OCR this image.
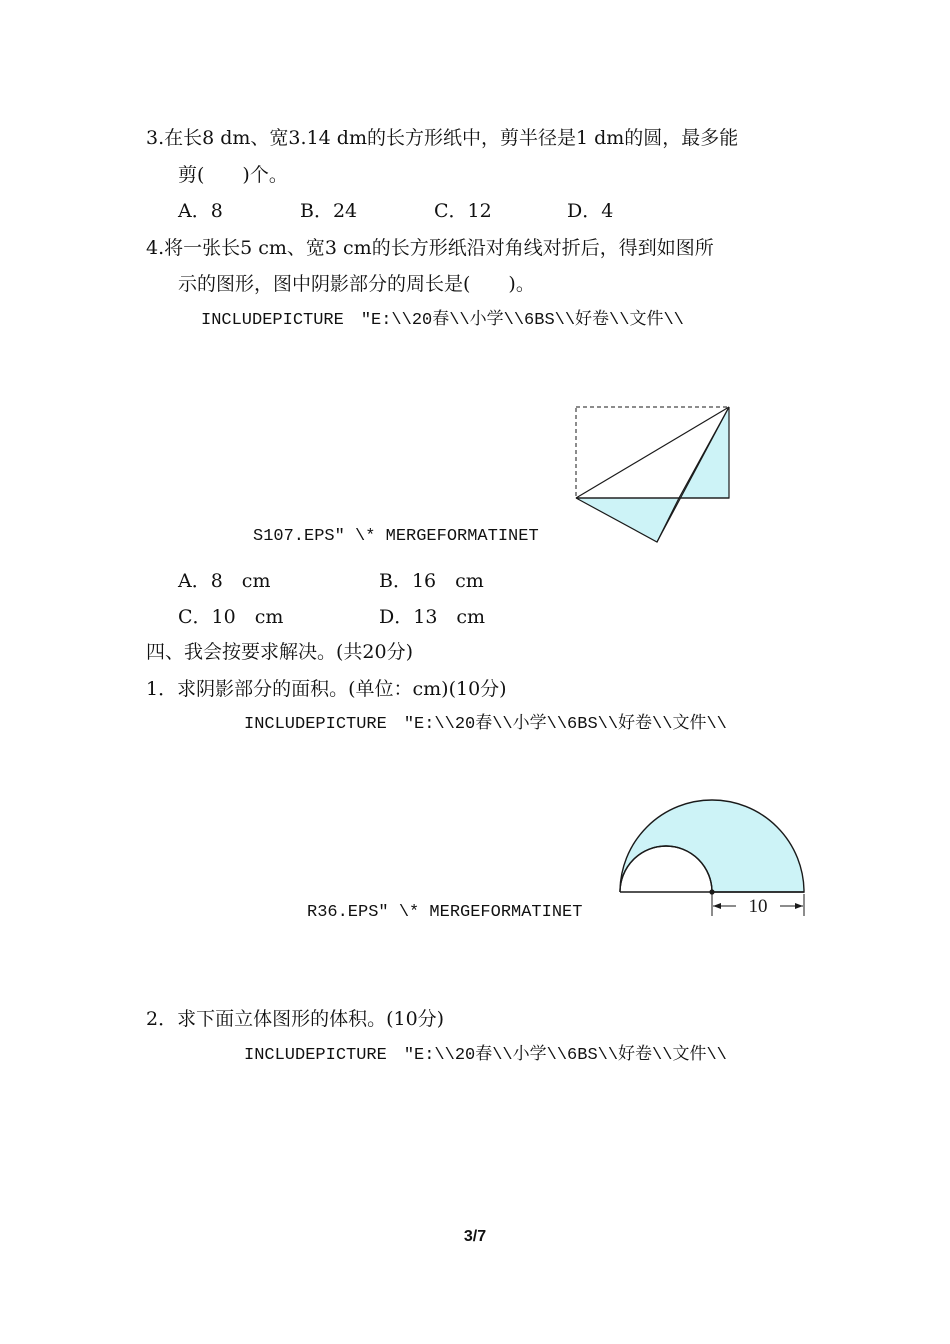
3.在长8 dm、宽3.14 dm的长方形纸中，剪半径是1 dm的圆，最多能
剪(　　)个。
A．8	B．24	C．12	D．4
4.将一张长5 cm、宽3 cm的长方形纸沿对角线对折后，得到如图所
示的图形，图中阴影部分的周长是(　　)。
INCLUDEPICTURE　"E:\\20春\\小学\\6BS\\好卷\\文件\\
S107.EPS" \* MERGEFORMATINET
A．8　cm	B．16　cm
C．10　cm	D．13　cm
四、我会按要求解决。(共20分)
1．求阴影部分的面积。(单位：cm)(10分)
INCLUDEPICTURE　"E:\\20春\\小学\\6BS\\好卷\\文件\\
10
R36.EPS" \* MERGEFORMATINET
2．求下面立体图形的体积。(10分)
INCLUDEPICTURE　"E:\\20春\\小学\\6BS\\好卷\\文件\\
3/7
